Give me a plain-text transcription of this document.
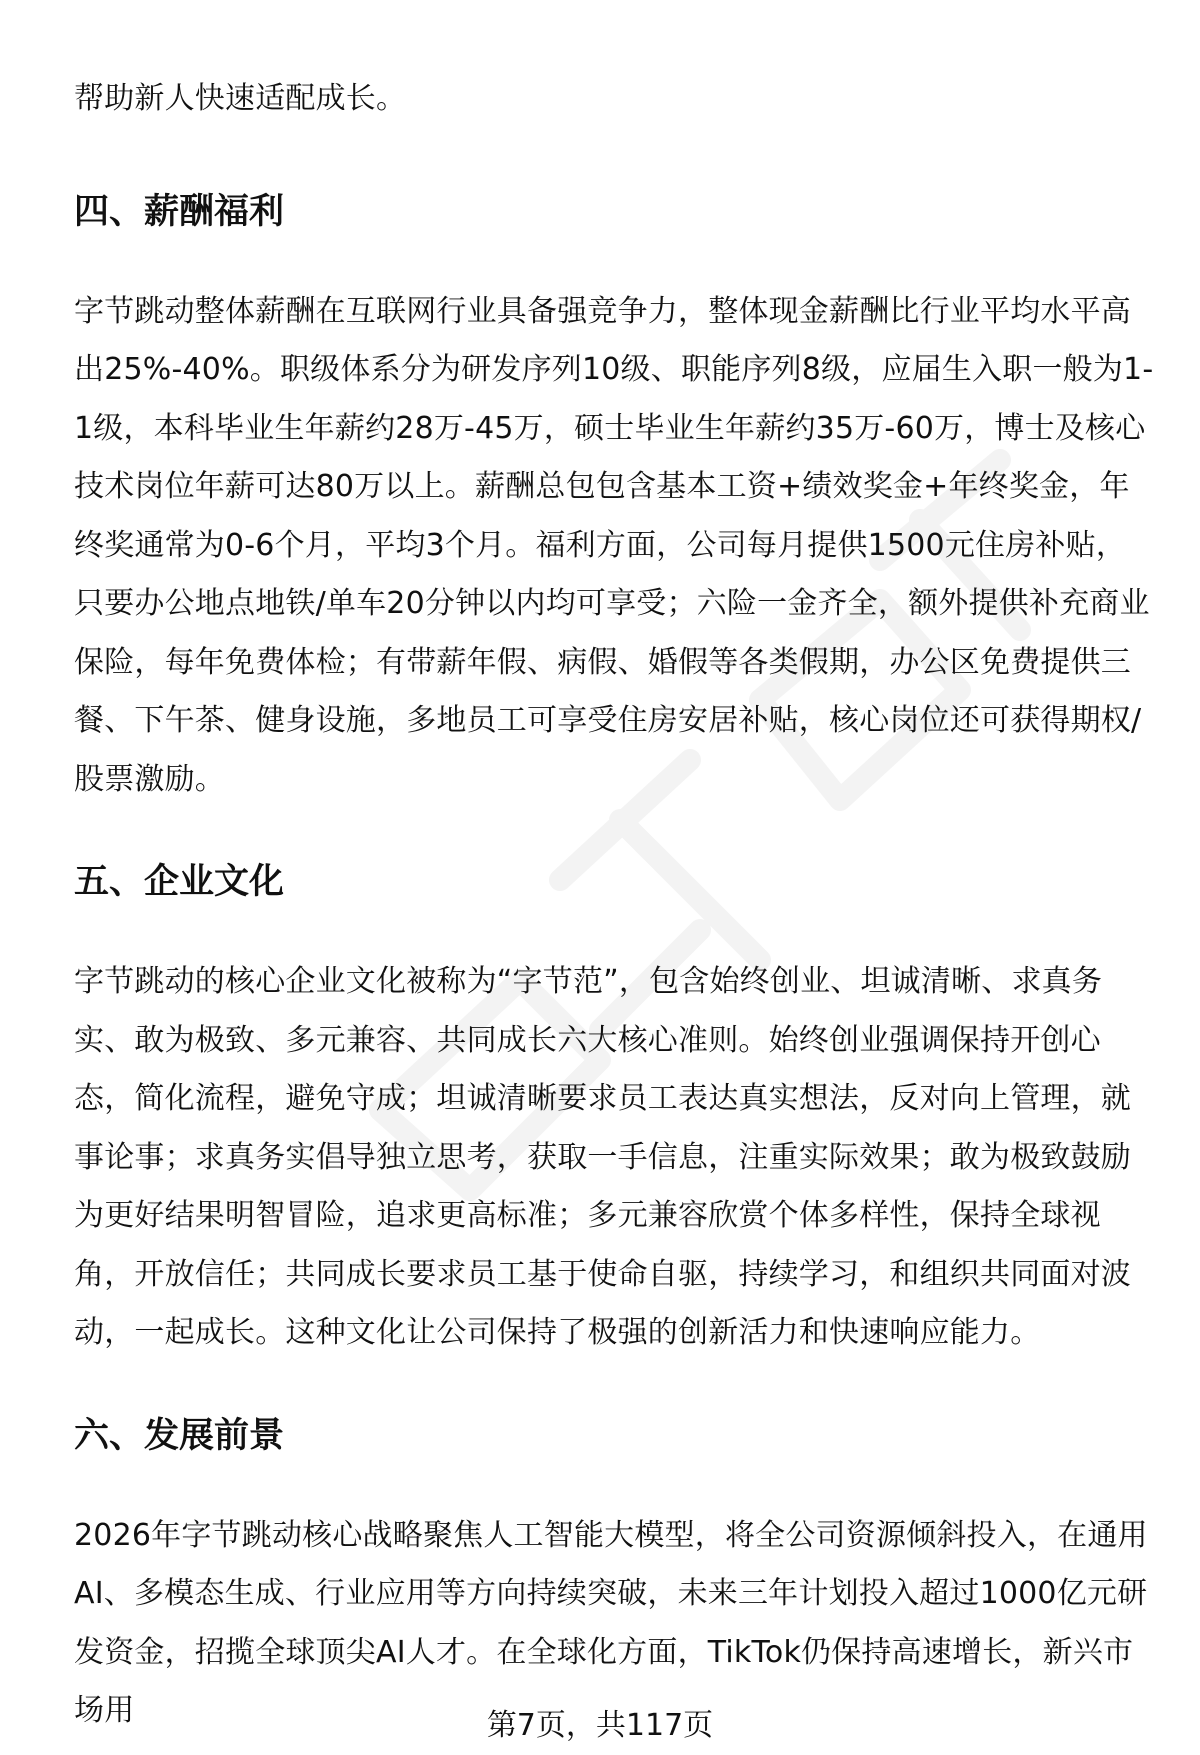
帮助新人快速适配成长。

四、薪酬福利

字节跳动整体薪酬在互联网行业具备强竞争力，整体现金薪酬比行业平均水平高出25%-40%。职级体系分为研发序列10级、职能序列8级，应届生入职一般为1-1级，本科毕业生年薪约28万-45万，硕士毕业生年薪约35万-60万，博士及核心技术岗位年薪可达80万以上。薪酬总包包含基本工资+绩效奖金+年终奖金，年终奖通常为0-6个月，平均3个月。福利方面，公司每月提供1500元住房补贴，只要办公地点地铁/单车20分钟以内均可享受；六险一金齐全，额外提供补充商业保险，每年免费体检；有带薪年假、病假、婚假等各类假期，办公区免费提供三餐、下午茶、健身设施，多地员工可享受住房安居补贴，核心岗位还可获得期权/股票激励。

五、企业文化

字节跳动的核心企业文化被称为“字节范”，包含始终创业、坦诚清晰、求真务实、敢为极致、多元兼容、共同成长六大核心准则。始终创业强调保持开创心态，简化流程，避免守成；坦诚清晰要求员工表达真实想法，反对向上管理，就事论事；求真务实倡导独立思考，获取一手信息，注重实际效果；敢为极致鼓励为更好结果明智冒险，追求更高标准；多元兼容欣赏个体多样性，保持全球视角，开放信任；共同成长要求员工基于使命自驱，持续学习，和组织共同面对波动，一起成长。这种文化让公司保持了极强的创新活力和快速响应能力。

六、发展前景

2026年字节跳动核心战略聚焦人工智能大模型，将全公司资源倾斜投入，在通用AI、多模态生成、行业应用等方向持续突破，未来三年计划投入超过1000亿元研发资金，招揽全球顶尖AI人才。在全球化方面，TikTok仍保持高速增长，新兴市场用	第7页，共117页
